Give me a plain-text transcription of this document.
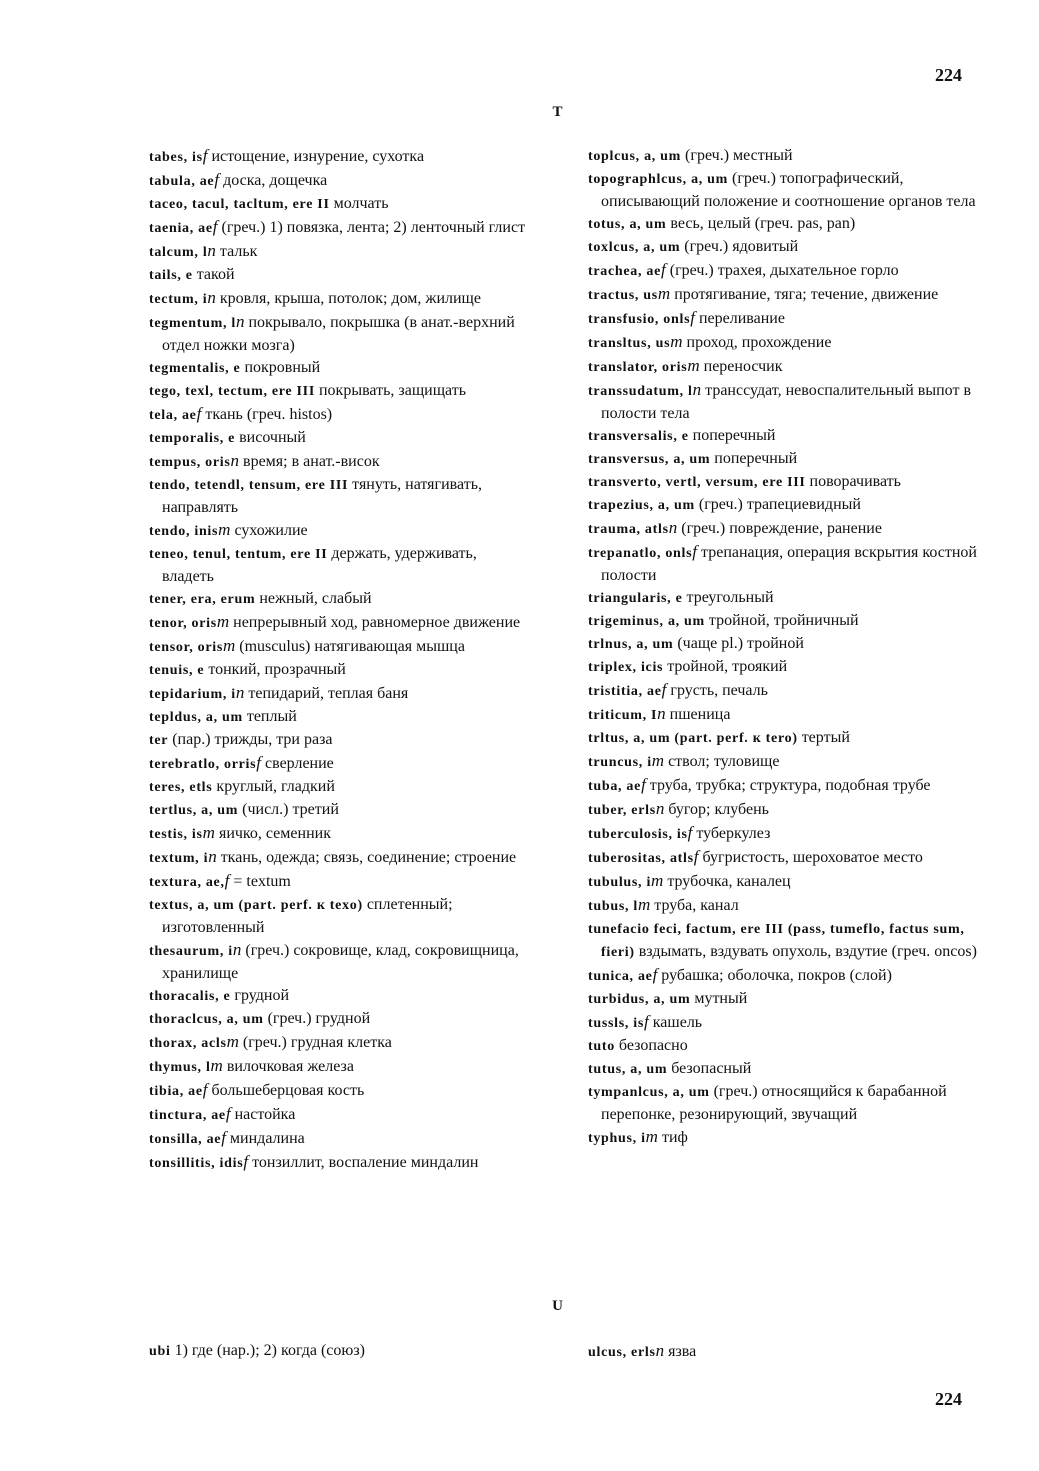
224
T
tabes, isf истощение, изнурение, сухотка
tabula, aef доска, дощечка
taceo, tacul, tacltum, ere II молчать
taenia, aef (греч.) 1) повязка, лента; 2) ленточный глист
talcum, ln тальк
tails, e такой
tectum, in кровля, крыша, потолок; дом, жилище
tegmentum, ln покрывало, покрышка (в анат.-верхний отдел ножки мозга)
tegmentalis, e покровный
tego, texl, tectum, ere III покрывать, защищать
tela, aef ткань (греч. histos)
temporalis, e височный
tempus, orisn время; в анат.-висок
tendo, tetendl, tensum, ere III тянуть, натягивать, направлять
tendo, inism сухожилие
teneo, tenul, tentum, ere II держать, удерживать, владеть
tener, era, erum нежный, слабый
tenor, orism непрерывный ход, равномерное движение
tensor, orism (musculus) натягивающая мышца
tenuis, e тонкий, прозрачный
tepidarium, in тепидарий, теплая баня
tepldus, a, um теплый
ter (пар.) трижды, три раза
terebratlo, orrisf сверление
teres, etls круглый, гладкий
tertlus, a, um (числ.) третий
testis, ism яичко, семенник
textum, in ткань, одежда; связь, соединение; строение
textura, ae,f = textum
textus, a, um (part. perf. к texo) сплетенный; изготовленный
thesaurum, in (греч.) сокровище, клад, сокровищница, хранилище
thoracalis, e грудной
thoraclcus, a, um (греч.) грудной
thorax, aclsm (греч.) грудная клетка
thymus, lm вилочковая железа
tibia, aef большеберцовая кость
tinctura, aef настойка
tonsilla, aef миндалина
tonsillitis, idisf тонзиллит, воспаление миндалин
toplcus, a, um (греч.) местный
topographlcus, a, um (греч.) топографический, описывающий положение и соотношение органов тела
totus, a, um весь, целый (греч. pas, pan)
toxlcus, a, um (греч.) ядовитый
trachea, aef (греч.) трахея, дыхательное горло
tractus, usm протягивание, тяга; течение, движение
transfusio, onlsf переливание
transltus, usm проход, прохождение
translator, orism переносчик
transsudatum, ln транссудат, невоспалительный выпот в полости тела
transversalis, e поперечный
transversus, a, um поперечный
transverto, vertl, versum, ere III поворачивать
trapezius, a, um (греч.) трапециевидный
trauma, atlsn (греч.) повреждение, ранение
trepanatlo, onlsf трепанация, операция вскрытия костной полости
triangularis, e треугольный
trigeminus, a, um тройной, тройничный
trlnus, a, um (чаще pl.) тройной
triplex, icis тройной, троякий
tristitia, aef грусть, печаль
triticum, In пшеница
trltus, a, um (part. perf. к tero) тертый
truncus, im ствол; туловище
tuba, aef труба, трубка; структура, подобная трубе
tuber, erlsn бугор; клубень
tuberculosis, isf туберкулез
tuberositas, atlsf бугристость, шероховатое место
tubulus, im трубочка, каналец
tubus, lm труба, канал
tunefacio feci, factum, ere III (pass, tumeflo, factus sum, fieri) вздымать, вздувать опухоль, вздутие (греч. oncos)
tunica, aef рубашка; оболочка, покров (слой)
turbidus, a, um мутный
tussls, isf кашель
tuto безопасно
tutus, a, um безопасный
tympanlcus, a, um (греч.) относящийся к барабанной перепонке, резонирующий, звучащий
typhus, im тиф
U
ubi 1) где (нар.); 2) когда (союз)	ulcus, erlsn язва
224
